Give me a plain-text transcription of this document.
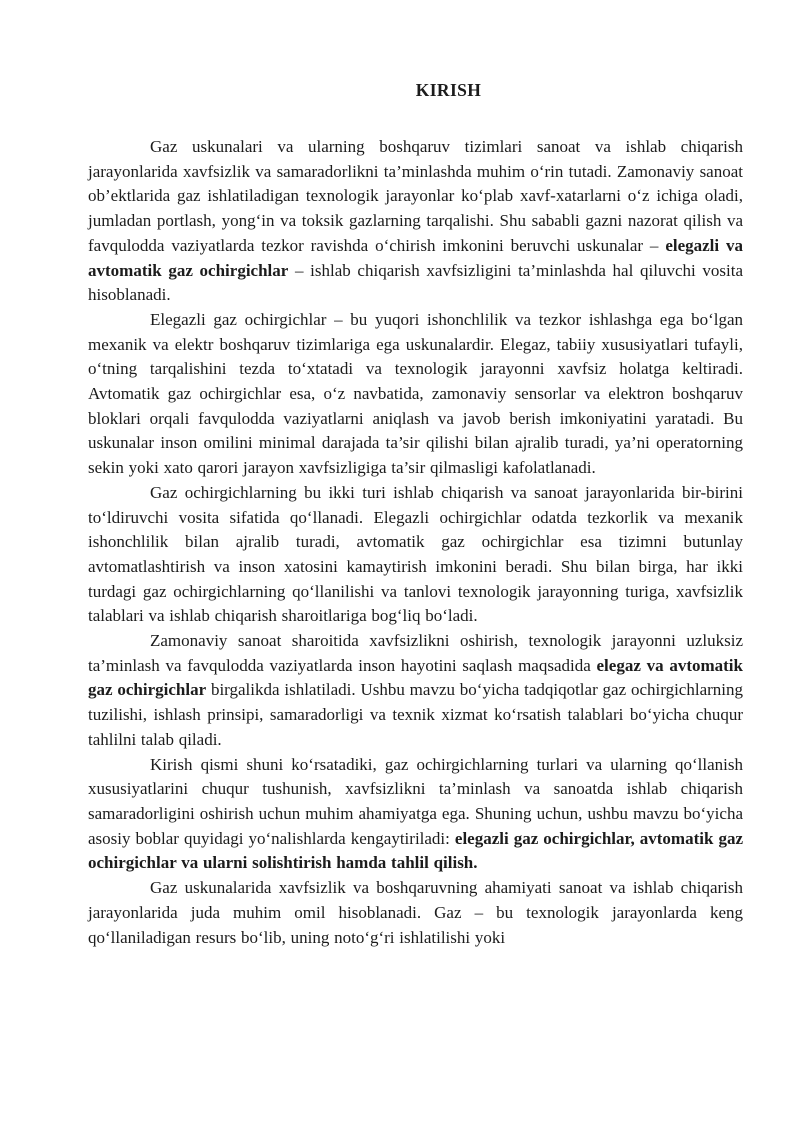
KIRISH

Gaz uskunalari va ularning boshqaruv tizimlari sanoat va ishlab chiqarish jarayonlarida xavfsizlik va samaradorlikni ta’minlashda muhim o‘rin tutadi. Zamonaviy sanoat ob’ektlarida gaz ishlatiladigan texnologik jarayonlar ko‘plab xavf-xatarlarni o‘z ichiga oladi, jumladan portlash, yong‘in va toksik gazlarning tarqalishi. Shu sababli gazni nazorat qilish va favqulodda vaziyatlarda tezkor ravishda o‘chirish imkonini beruvchi uskunalar – elegazli va avtomatik gaz ochirgichlar – ishlab chiqarish xavfsizligini ta’minlashda hal qiluvchi vosita hisoblanadi.

Elegazli gaz ochirgichlar – bu yuqori ishonchlilik va tezkor ishlashga ega bo‘lgan mexanik va elektr boshqaruv tizimlariga ega uskunalardir. Elegaz, tabiiy xususiyatlari tufayli, o‘tning tarqalishini tezda to‘xtatadi va texnologik jarayonni xavfsiz holatga keltiradi. Avtomatik gaz ochirgichlar esa, o‘z navbatida, zamonaviy sensorlar va elektron boshqaruv bloklari orqali favqulodda vaziyatlarni aniqlash va javob berish imkoniyatini yaratadi. Bu uskunalar inson omilini minimal darajada ta’sir qilishi bilan ajralib turadi, ya’ni operatorning sekin yoki xato qarori jarayon xavfsizligiga ta’sir qilmasligi kafolatlanadi.

Gaz ochirgichlarning bu ikki turi ishlab chiqarish va sanoat jarayonlarida bir-birini to‘ldiruvchi vosita sifatida qo‘llanadi. Elegazli ochirgichlar odatda tezkorlik va mexanik ishonchlilik bilan ajralib turadi, avtomatik gaz ochirgichlar esa tizimni butunlay avtomatlashtirish va inson xatosini kamaytirish imkonini beradi. Shu bilan birga, har ikki turdagi gaz ochirgichlarning qo‘llanilishi va tanlovi texnologik jarayonning turiga, xavfsizlik talablari va ishlab chiqarish sharoitlariga bog‘liq bo‘ladi.

Zamonaviy sanoat sharoitida xavfsizlikni oshirish, texnologik jarayonni uzluksiz ta’minlash va favqulodda vaziyatlarda inson hayotini saqlash maqsadida elegaz va avtomatik gaz ochirgichlar birgalikda ishlatiladi. Ushbu mavzu bo‘yicha tadqiqotlar gaz ochirgichlarning tuzilishi, ishlash prinsipi, samaradorligi va texnik xizmat ko‘rsatish talablari bo‘yicha chuqur tahlilni talab qiladi.

Kirish qismi shuni ko‘rsatadiki, gaz ochirgichlarning turlari va ularning qo‘llanish xususiyatlarini chuqur tushunish, xavfsizlikni ta’minlash va sanoatda ishlab chiqarish samaradorligini oshirish uchun muhim ahamiyatga ega. Shuning uchun, ushbu mavzu bo‘yicha asosiy boblar quyidagi yo‘nalishlarda kengaytiriladi: elegazli gaz ochirgichlar, avtomatik gaz ochirgichlar va ularni solishtirish hamda tahlil qilish.

Gaz uskunalarida xavfsizlik va boshqaruvning ahamiyati sanoat va ishlab chiqarish jarayonlarida juda muhim omil hisoblanadi. Gaz – bu texnologik jarayonlarda keng qo‘llaniladigan resurs bo‘lib, uning noto‘g‘ri ishlatilishi yoki
